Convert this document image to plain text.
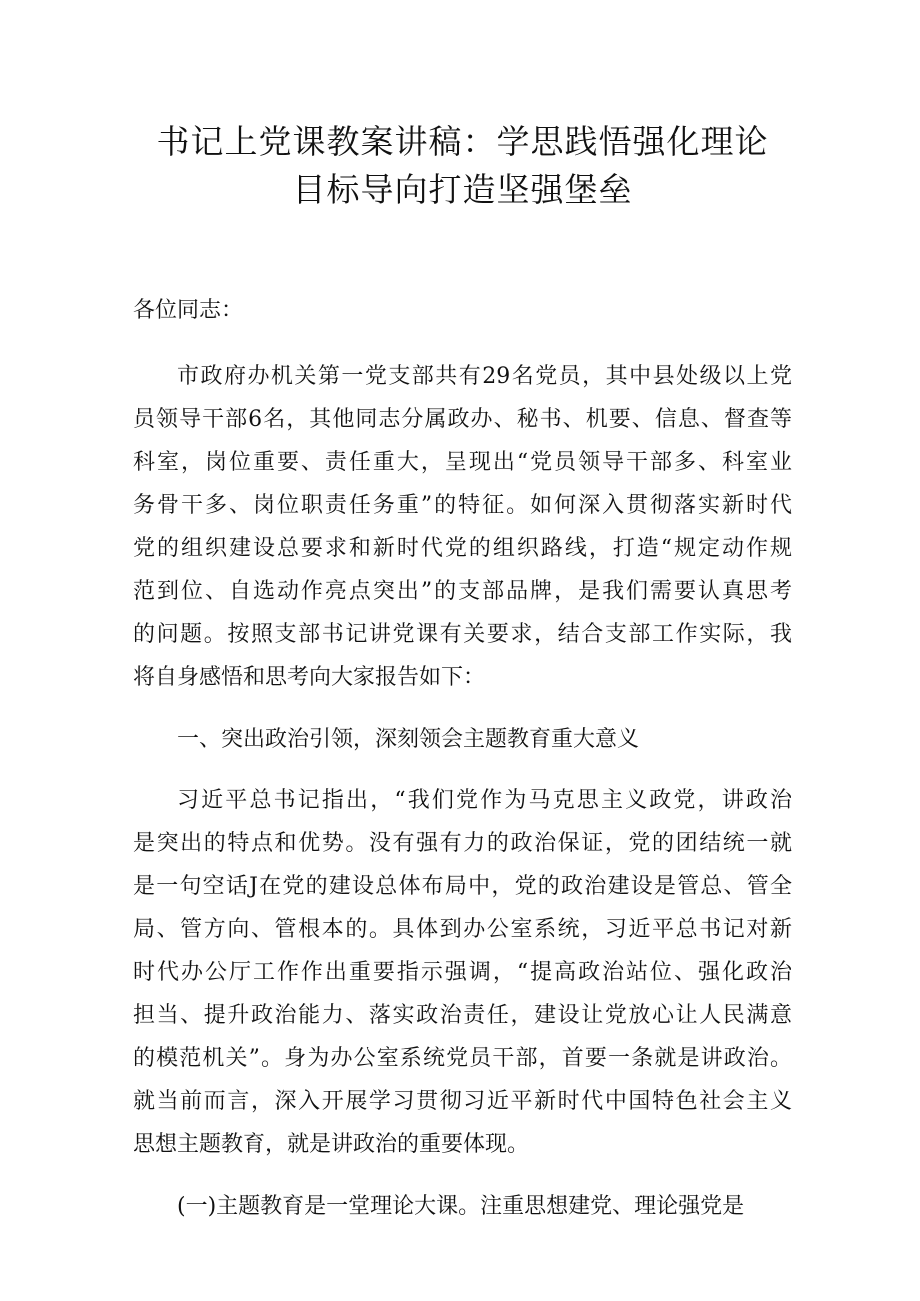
书记上党课教案讲稿：学思践悟强化理论
目标导向打造坚强堡垒
各位同志：
市政府办机关第一党支部共有29名党员，其中县处级以上党
员领导干部6名，其他同志分属政办、秘书、机要、信息、督查等
科室，岗位重要、责任重大，呈现出“党员领导干部多、科室业
务骨干多、岗位职责任务重”的特征。如何深入贯彻落实新时代
党的组织建设总要求和新时代党的组织路线，打造“规定动作规
范到位、自选动作亮点突出”的支部品牌，是我们需要认真思考
的问题。按照支部书记讲党课有关要求，结合支部工作实际，我
将自身感悟和思考向大家报告如下：
一、突出政治引领，深刻领会主题教育重大意义
习近平总书记指出，“我们党作为马克思主义政党，讲政治
是突出的特点和优势。没有强有力的政治保证，党的团结统一就
是一句空话J在党的建设总体布局中，党的政治建设是管总、管全
局、管方向、管根本的。具体到办公室系统，习近平总书记对新
时代办公厅工作作出重要指示强调，“提高政治站位、强化政治
担当、提升政治能力、落实政治责任，建设让党放心让人民满意
的模范机关”。身为办公室系统党员干部，首要一条就是讲政治。
就当前而言，深入开展学习贯彻习近平新时代中国特色社会主义
思想主题教育，就是讲政治的重要体现。
(一)主题教育是一堂理论大课。注重思想建党、理论强党是
